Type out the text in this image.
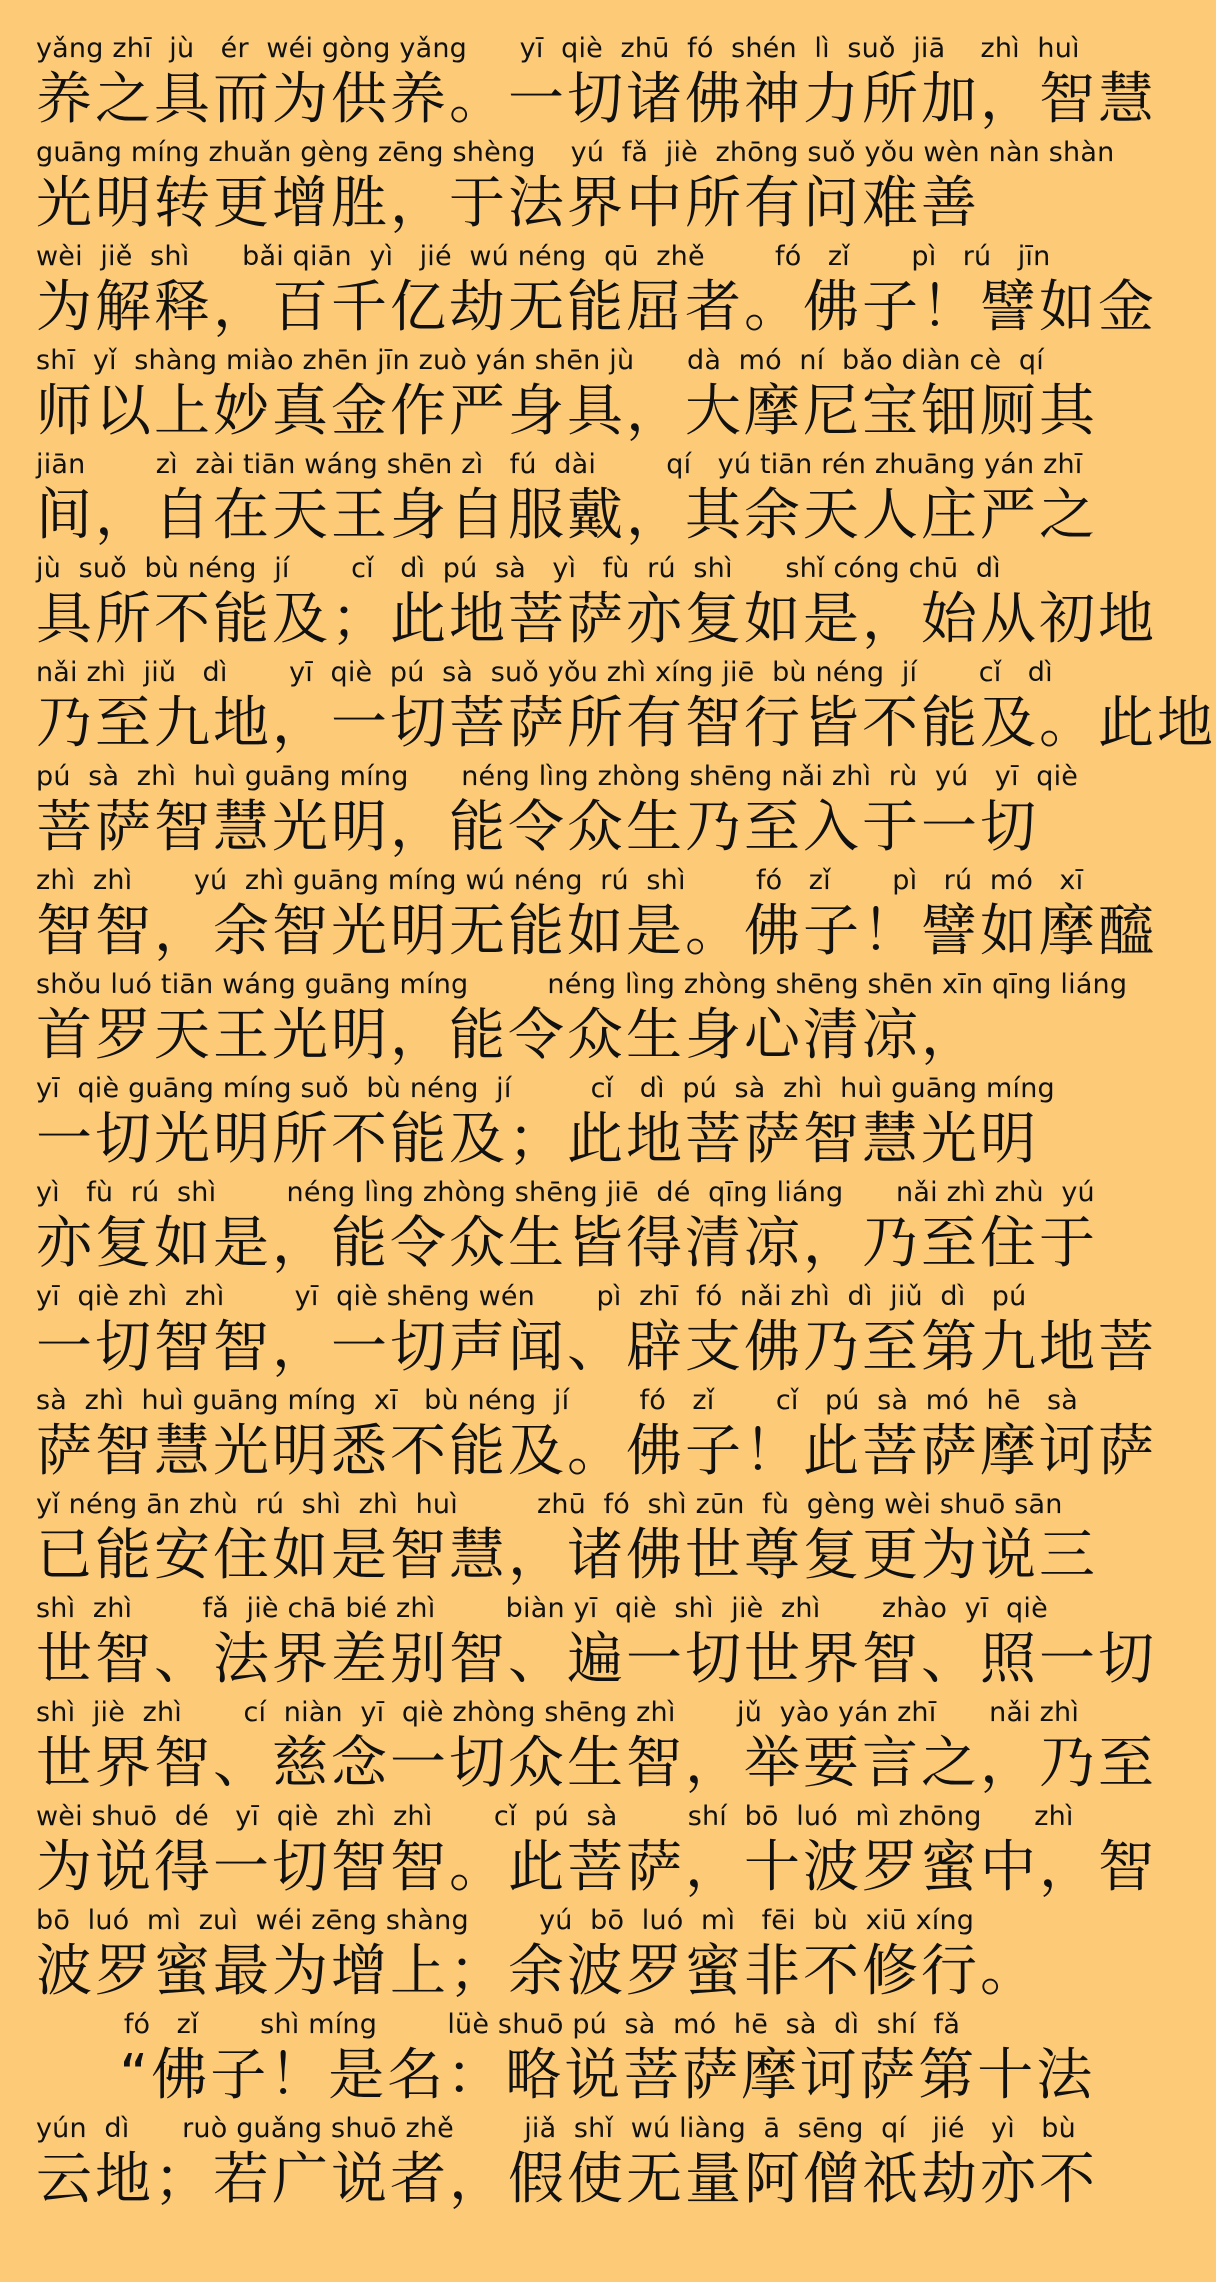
yǎng zhī  jù   ér  wéi gòng yǎng      yī  qiè  zhū  fó  shén  lì  suǒ  jiā    zhì  huì
养之具而为供养。一切诸佛神力所加，智慧
guāng míng zhuǎn gèng zēng shèng    yú  fǎ  jiè  zhōng suǒ yǒu wèn nàn shàn
光明转更增胜，于法界中所有问难善
wèi  jiě  shì      bǎi qiān  yì   jié  wú néng  qū  zhě        fó   zǐ       pì   rú   jīn
为解释，百千亿劫无能屈者。佛子！譬如金
shī  yǐ  shàng miào zhēn jīn zuò yán shēn jù      dà  mó  ní  bǎo diàn cè  qí
师以上妙真金作严身具，大摩尼宝钿厕其
jiān        zì  zài tiān wáng shēn zì   fú  dài        qí   yú tiān rén zhuāng yán zhī
间，自在天王身自服戴，其余天人庄严之
jù  suǒ  bù néng  jí       cǐ   dì  pú  sà   yì   fù  rú  shì      shǐ cóng chū  dì
具所不能及；此地菩萨亦复如是，始从初地
nǎi zhì  jiǔ   dì       yī  qiè  pú  sà  suǒ yǒu zhì xíng jiē  bù néng  jí       cǐ   dì
乃至九地，一切菩萨所有智行皆不能及。此地
pú  sà  zhì  huì guāng míng      néng lìng zhòng shēng nǎi zhì  rù  yú   yī  qiè
菩萨智慧光明，能令众生乃至入于一切
zhì  zhì       yú  zhì guāng míng wú néng  rú  shì        fó   zǐ       pì   rú  mó   xī
智智，余智光明无能如是。佛子！譬如摩醯
shǒu luó tiān wáng guāng míng         néng lìng zhòng shēng shēn xīn qīng liáng
首罗天王光明，能令众生身心清凉，
yī  qiè guāng míng suǒ  bù néng  jí         cǐ   dì  pú  sà  zhì  huì guāng míng
一切光明所不能及；此地菩萨智慧光明
yì   fù  rú  shì        néng lìng zhòng shēng jiē  dé  qīng liáng      nǎi zhì zhù  yú
亦复如是，能令众生皆得清凉，乃至住于
yī  qiè zhì  zhì        yī  qiè shēng wén       pì  zhī  fó  nǎi zhì  dì  jiǔ  dì   pú
一切智智，一切声闻、辟支佛乃至第九地菩
sà  zhì  huì guāng míng  xī   bù néng  jí        fó   zǐ       cǐ   pú  sà  mó  hē   sà
萨智慧光明悉不能及。佛子！此菩萨摩诃萨
yǐ néng ān zhù  rú  shì  zhì  huì         zhū  fó  shì zūn  fù  gèng wèi shuō sān
已能安住如是智慧，诸佛世尊复更为说三
shì  zhì        fǎ  jiè chā bié zhì        biàn yī  qiè  shì  jiè  zhì       zhào  yī  qiè
世智、法界差别智、遍一切世界智、照一切
shì  jiè  zhì       cí  niàn  yī  qiè zhòng shēng zhì       jǔ  yào yán zhī      nǎi zhì
世界智、慈念一切众生智，举要言之，乃至
wèi shuō  dé   yī  qiè  zhì  zhì       cǐ  pú  sà        shí  bō  luó  mì zhōng      zhì
为说得一切智智。此菩萨，十波罗蜜中，智
bō  luó  mì  zuì  wéi zēng shàng        yú  bō  luó  mì   fēi  bù  xiū xíng
波罗蜜最为增上；余波罗蜜非不修行。
fó   zǐ       shì míng        lüè shuō pú  sà  mó  hē  sà  dì  shí  fǎ
“佛子！是名：略说菩萨摩诃萨第十法
yún  dì      ruò guǎng shuō zhě        jiǎ  shǐ  wú liàng  ā  sēng  qí   jié   yì   bù
云地；若广说者，假使无量阿僧祇劫亦不
